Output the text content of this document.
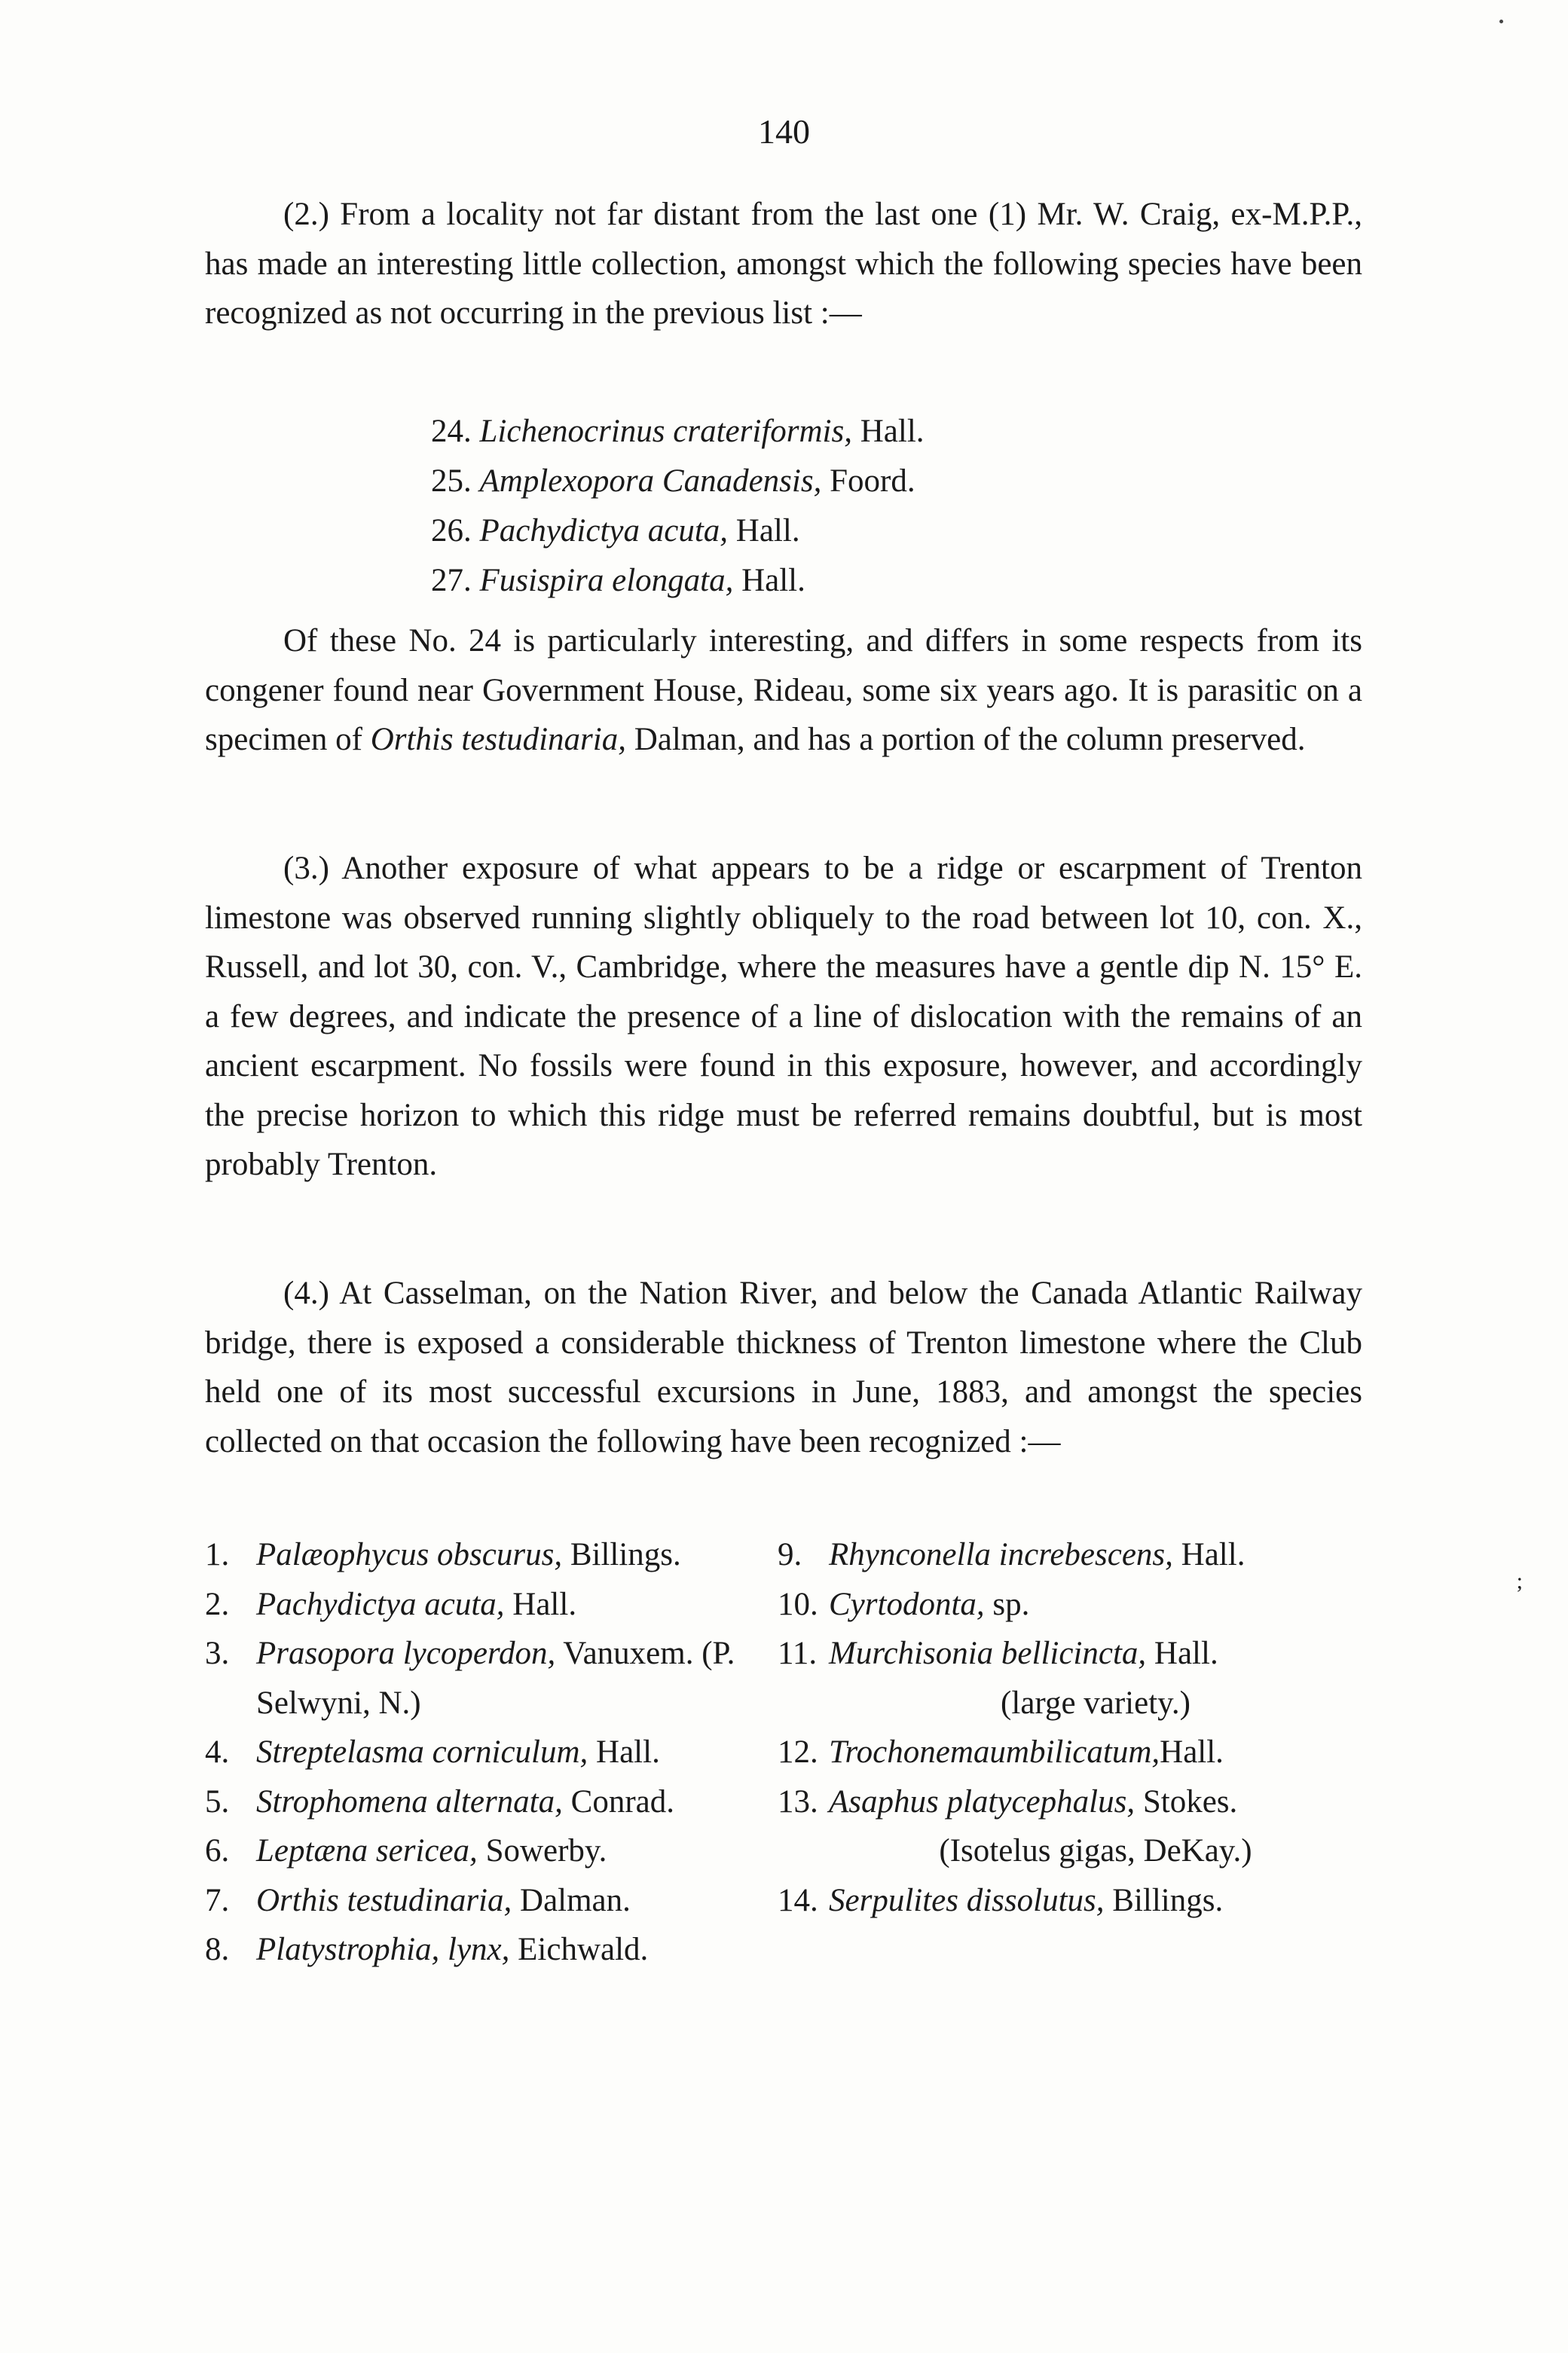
140

(2.) From a locality not far distant from the last one (1) Mr. W. Craig, ex-M.P.P., has made an interesting little collection, amongst which the following species have been recognized as not occurring in the previous list :—

24. Lichenocrinus crateriformis, Hall.
25. Amplexopora Canadensis, Foord.
26. Pachydictya acuta, Hall.
27. Fusispira elongata, Hall.

Of these No. 24 is particularly interesting, and differs in some respects from its congener found near Government House, Rideau, some six years ago. It is parasitic on a specimen of Orthis testudinaria, Dalman, and has a portion of the column preserved.

(3.) Another exposure of what appears to be a ridge or escarpment of Trenton limestone was observed running slightly obliquely to the road between lot 10, con. X., Russell, and lot 30, con. V., Cambridge, where the measures have a gentle dip N. 15° E. a few degrees, and indicate the presence of a line of dislocation with the remains of an ancient escarpment. No fossils were found in this exposure, however, and accordingly the precise horizon to which this ridge must be referred remains doubtful, but is most probably Trenton.

(4.) At Casselman, on the Nation River, and below the Canada Atlantic Railway bridge, there is exposed a considerable thickness of Trenton limestone where the Club held one of its most successful excursions in June, 1883, and amongst the species collected on that occasion the following have been recognized :—

1. Palæophycus obscurus, Billings.
2. Pachydictya acuta, Hall.
3. Prasopora lycoperdon, Vanuxem. (P. Selwyni, N.)
4. Streptelasma corniculum, Hall.
5. Strophomena alternata, Conrad.
6. Leptæna sericea, Sowerby.
7. Orthis testudinaria, Dalman.
8. Platystrophia, lynx, Eichwald.
9. Rhynconella increbescens, Hall.
10. Cyrtodonta, sp.
11. Murchisonia bellicincta, Hall.
(large variety.)
12. Trochonemaumbilicatum,Hall.
13. Asaphus platycephalus, Stokes.
(Isotelus gigas, DeKay.)
14. Serpulites dissolutus, Billings.
;
